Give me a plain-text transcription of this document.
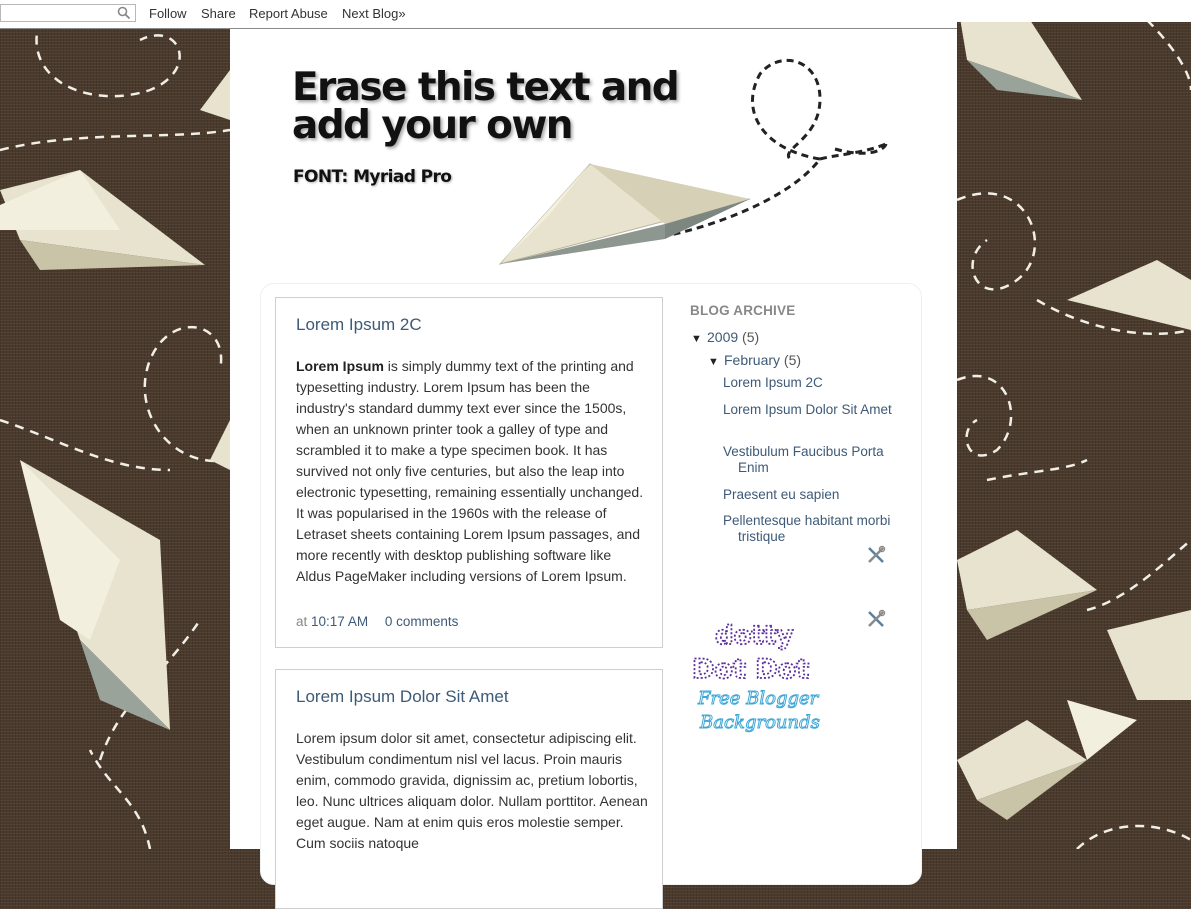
Follow Share Report Abuse Next Blog»
Erase this text and add your own

FONT: Myriad Pro

Lorem Ipsum 2C

Lorem Ipsum is simply dummy text of the printing and typesetting industry. Lorem Ipsum has been the industry's standard dummy text ever since the 1500s, when an unknown printer took a galley of type and scrambled it to make a type specimen book. It has survived not only five centuries, but also the leap into electronic typesetting, remaining essentially unchanged. It was popularised in the 1960s with the release of Letraset sheets containing Lorem Ipsum passages, and more recently with desktop publishing software like Aldus PageMaker including versions of Lorem Ipsum.

at 10:17 AM 0 comments
Lorem Ipsum Dolor Sit Amet

Lorem ipsum dolor sit amet, consectetur adipiscing elit. Vestibulum condimentum nisl vel lacus. Proin mauris enim, commodo gravida, dignissim ac, pretium lobortis, leo. Nunc ultrices aliquam dolor. Nullam porttitor. Aenean eget augue. Nam at enim quis eros molestie semper. Cum sociis natoque

BLOG ARCHIVE
▼ 2009 (5)
▼ February (5)
Lorem Ipsum 2C
Lorem Ipsum Dolor Sit Amet
Vestibulum Faucibus Porta Enim
Praesent eu sapien
Pellentesque habitant morbi tristique
dotty
Dot Dot
Free Blogger
Backgrounds
